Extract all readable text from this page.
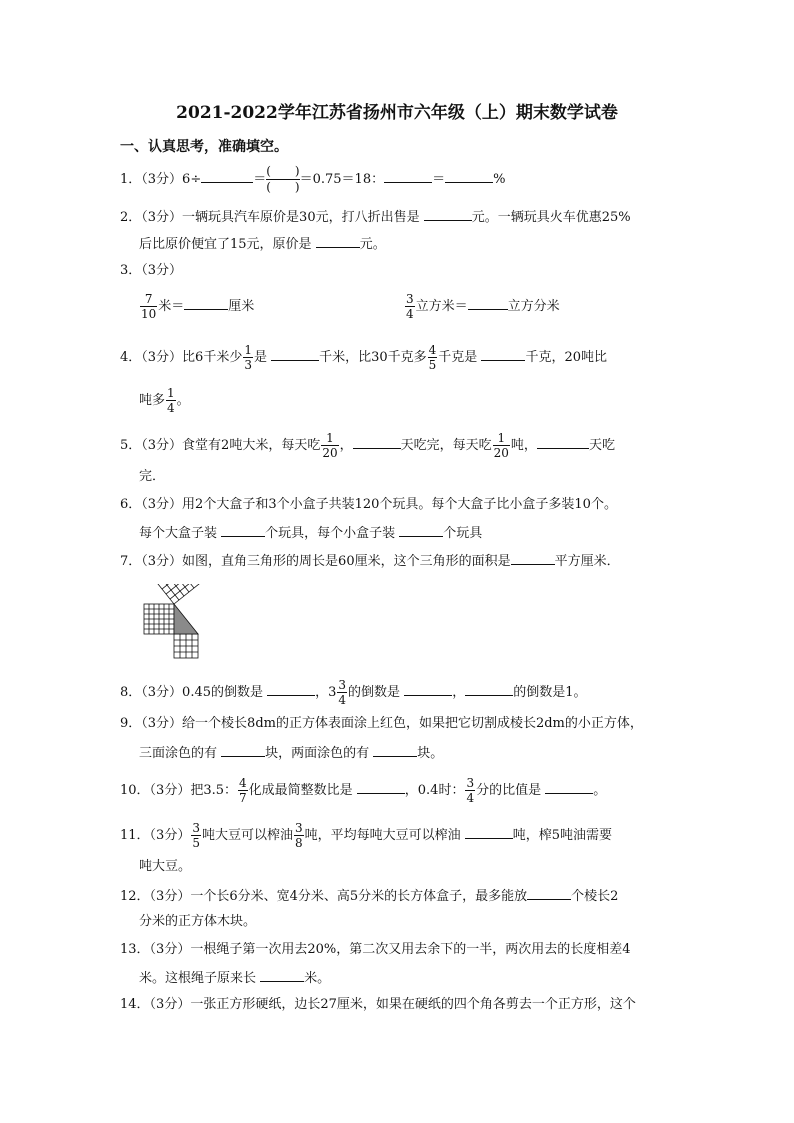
2021-2022学年江苏省扬州市六年级（上）期末数学试卷
一、认真思考，准确填空。
1．（3分）6÷	＝ $\frac{( )}{( )} =0.75=18$：	＝	%
2．（3分）一辆玩具汽车原价是30元，打八折出售是	元。一辆玩具火车优惠25%
后比原价便宜了15元，原价是	元。
3．（3分）
$\frac{7}{10}$ 米＝	厘米	$\frac{3}{4}$ 立方米＝	立方分米
4．（3分）比6千米少 $\frac{1}{3}$ 是	千米，比30千克多 $\frac{4}{5}$ 千克是	千克，20吨比
吨多 $\frac{1}{4}$ 。
5．（3分）食堂有2吨大米，每天吃 $\frac{1}{20}$ ，	天吃完，每天吃 $\frac{1}{20}$ 吨，	天吃
完．
6．（3分）用2个大盒子和3个小盒子共装120个玩具。每个大盒子比小盒子多装10个。
每个大盒子装	个玩具，每个小盒子装	个玩具
7．（3分）如图，直角三角形的周长是60厘米，这个三角形的面积是	平方厘米．
8．（3分）0.45的倒数是	，$3 \frac{3}{4}$ 的倒数是	，	的倒数是1。
9．（3分）给一个棱长8dm的正方体表面涂上红色，如果把它切割成棱长2dm的小正方体，
三面涂色的有	块，两面涂色的有	块。
10．（3分）把3.5： $\frac{4}{7}$ 化成最简整数比是	，0.4时： $\frac{3}{4}$ 分的比值是	。
11．（3分） $\frac{3}{5}$ 吨大豆可以榨油 $\frac{3}{8}$ 吨，平均每吨大豆可以榨油	吨，榨5吨油需要
吨大豆。
12．（3分）一个长6分米、宽4分米、高5分米的长方体盒子，最多能放	个棱长2
分米的正方体木块。
13．（3分）一根绳子第一次用去20%，第二次又用去余下的一半，两次用去的长度相差4
米。这根绳子原来长	米。
14．（3分）一张正方形硬纸，边长27厘米，如果在硬纸的四个角各剪去一个正方形，这个
